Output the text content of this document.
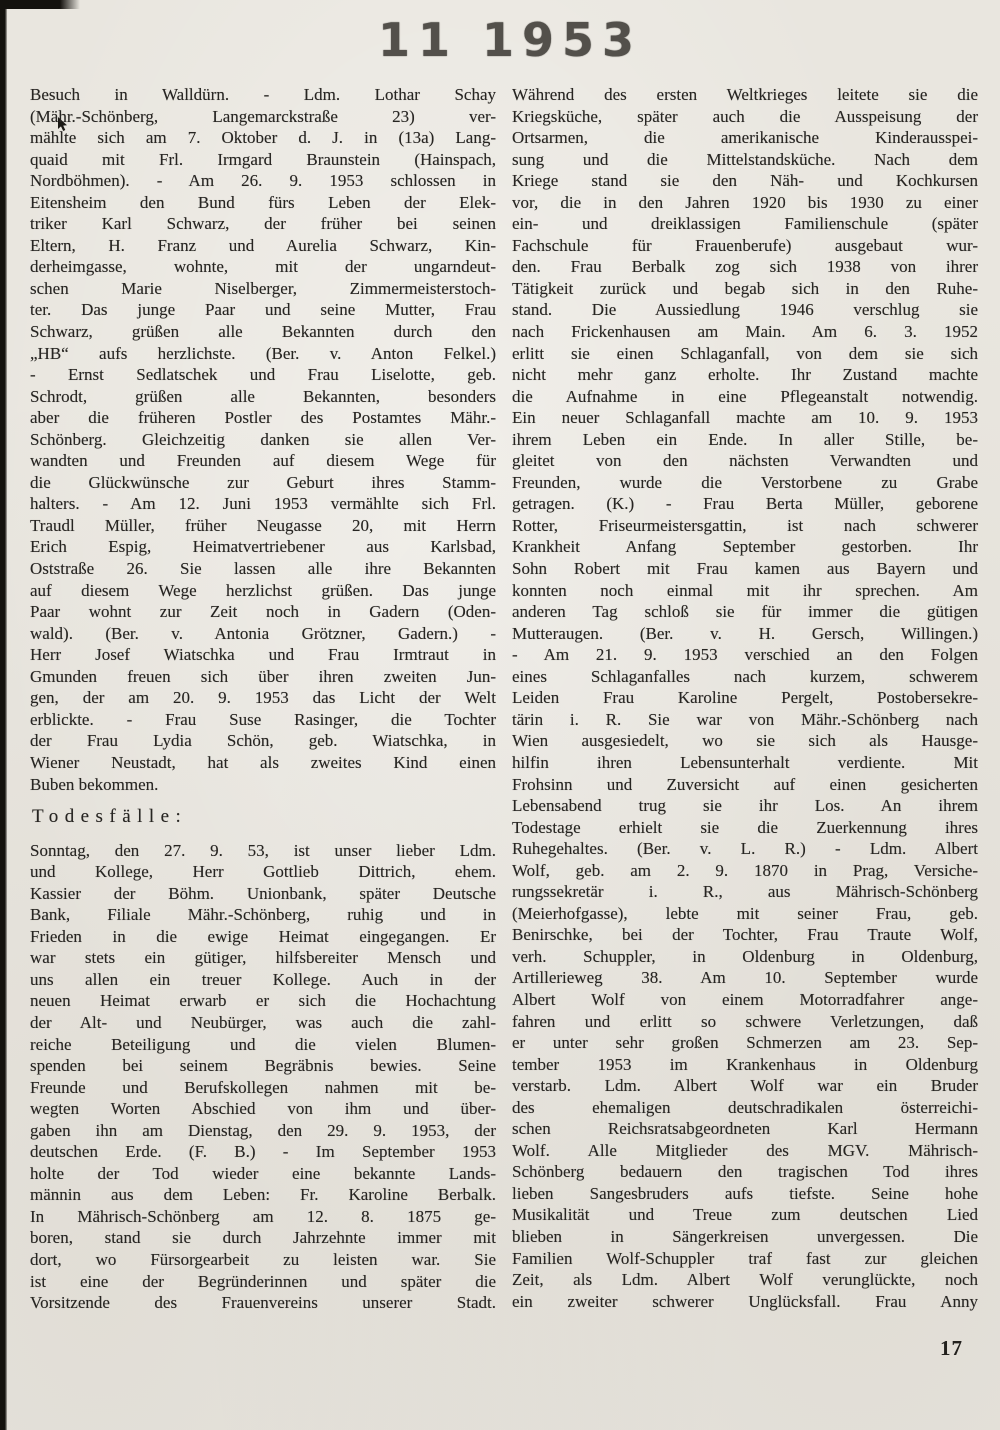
11 1953
Besuch in Walldürn. - Ldm. Lothar Schay
(Mähr.-Schönberg, Langemarckstraße 23) ver-
mählte sich am 7. Oktober d. J. in (13a) Lang-
quaid mit Frl. Irmgard Braunstein (Hainspach,
Nordböhmen). - Am 26. 9. 1953 schlossen in
Eitensheim den Bund fürs Leben der Elek-
triker Karl Schwarz, der früher bei seinen
Eltern, H. Franz und Aurelia Schwarz, Kin-
derheimgasse, wohnte, mit der ungarndeut-
schen Marie Niselberger, Zimmermeisterstoch-
ter. Das junge Paar und seine Mutter, Frau
Schwarz, grüßen alle Bekannten durch den
„HB“ aufs herzlichste. (Ber. v. Anton Felkel.)
- Ernst Sedlatschek und Frau Liselotte, geb.
Schrodt, grüßen alle Bekannten, besonders
aber die früheren Postler des Postamtes Mähr.-
Schönberg. Gleichzeitig danken sie allen Ver-
wandten und Freunden auf diesem Wege für
die Glückwünsche zur Geburt ihres Stamm-
halters. - Am 12. Juni 1953 vermählte sich Frl.
Traudl Müller, früher Neugasse 20, mit Herrn
Erich Espig, Heimatvertriebener aus Karlsbad,
Oststraße 26. Sie lassen alle ihre Bekannten
auf diesem Wege herzlichst grüßen. Das junge
Paar wohnt zur Zeit noch in Gadern (Oden-
wald). (Ber. v. Antonia Grötzner, Gadern.) -
Herr Josef Wiatschka und Frau Irmtraut in
Gmunden freuen sich über ihren zweiten Jun-
gen, der am 20. 9. 1953 das Licht der Welt
erblickte. - Frau Suse Rasinger, die Tochter
der Frau Lydia Schön, geb. Wiatschka, in
Wiener Neustadt, hat als zweites Kind einen
Buben bekommen.
Todesfälle:
Sonntag, den 27. 9. 53, ist unser lieber Ldm.
und Kollege, Herr Gottlieb Dittrich, ehem.
Kassier der Böhm. Unionbank, später Deutsche
Bank, Filiale Mähr.-Schönberg, ruhig und in
Frieden in die ewige Heimat eingegangen. Er
war stets ein gütiger, hilfsbereiter Mensch und
uns allen ein treuer Kollege. Auch in der
neuen Heimat erwarb er sich die Hochachtung
der Alt- und Neubürger, was auch die zahl-
reiche Beteiligung und die vielen Blumen-
spenden bei seinem Begräbnis bewies. Seine
Freunde und Berufskollegen nahmen mit be-
wegten Worten Abschied von ihm und über-
gaben ihn am Dienstag, den 29. 9. 1953, der
deutschen Erde. (F. B.) - Im September 1953
holte der Tod wieder eine bekannte Lands-
männin aus dem Leben: Fr. Karoline Berbalk.
In Mährisch-Schönberg am 12. 8. 1875 ge-
boren, stand sie durch Jahrzehnte immer mit
dort, wo Fürsorgearbeit zu leisten war. Sie
ist eine der Begründerinnen und später die
Vorsitzende des Frauenvereins unserer Stadt.
Während des ersten Weltkrieges leitete sie die
Kriegsküche, später auch die Ausspeisung der
Ortsarmen, die amerikanische Kinderausspei-
sung und die Mittelstandsküche. Nach dem
Kriege stand sie den Näh- und Kochkursen
vor, die in den Jahren 1920 bis 1930 zu einer
ein- und dreiklassigen Familienschule (später
Fachschule für Frauenberufe) ausgebaut wur-
den. Frau Berbalk zog sich 1938 von ihrer
Tätigkeit zurück und begab sich in den Ruhe-
stand. Die Aussiedlung 1946 verschlug sie
nach Frickenhausen am Main. Am 6. 3. 1952
erlitt sie einen Schlaganfall, von dem sie sich
nicht mehr ganz erholte. Ihr Zustand machte
die Aufnahme in eine Pflegeanstalt notwendig.
Ein neuer Schlaganfall machte am 10. 9. 1953
ihrem Leben ein Ende. In aller Stille, be-
gleitet von den nächsten Verwandten und
Freunden, wurde die Verstorbene zu Grabe
getragen. (K.) - Frau Berta Müller, geborene
Rotter, Friseurmeistersgattin, ist nach schwerer
Krankheit Anfang September gestorben. Ihr
Sohn Robert mit Frau kamen aus Bayern und
konnten noch einmal mit ihr sprechen. Am
anderen Tag schloß sie für immer die gütigen
Mutteraugen. (Ber. v. H. Gersch, Willingen.)
- Am 21. 9. 1953 verschied an den Folgen
eines Schlaganfalles nach kurzem, schwerem
Leiden Frau Karoline Pergelt, Postobersekre-
tärin i. R. Sie war von Mähr.-Schönberg nach
Wien ausgesiedelt, wo sie sich als Hausge-
hilfin ihren Lebensunterhalt verdiente. Mit
Frohsinn und Zuversicht auf einen gesicherten
Lebensabend trug sie ihr Los. An ihrem
Todestage erhielt sie die Zuerkennung ihres
Ruhegehaltes. (Ber. v. L. R.) - Ldm. Albert
Wolf, geb. am 2. 9. 1870 in Prag, Versiche-
rungssekretär i. R., aus Mährisch-Schönberg
(Meierhofgasse), lebte mit seiner Frau, geb.
Benirschke, bei der Tochter, Frau Traute Wolf,
verh. Schuppler, in Oldenburg in Oldenburg,
Artillerieweg 38. Am 10. September wurde
Albert Wolf von einem Motorradfahrer ange-
fahren und erlitt so schwere Verletzungen, daß
er unter sehr großen Schmerzen am 23. Sep-
tember 1953 im Krankenhaus in Oldenburg
verstarb. Ldm. Albert Wolf war ein Bruder
des ehemaligen deutschradikalen österreichi-
schen Reichsratsabgeordneten Karl Hermann
Wolf. Alle Mitglieder des MGV. Mährisch-
Schönberg bedauern den tragischen Tod ihres
lieben Sangesbruders aufs tiefste. Seine hohe
Musikalität und Treue zum deutschen Lied
blieben in Sängerkreisen unvergessen. Die
Familien Wolf-Schuppler traf fast zur gleichen
Zeit, als Ldm. Albert Wolf verunglückte, noch
ein zweiter schwerer Unglücksfall. Frau Anny
17
